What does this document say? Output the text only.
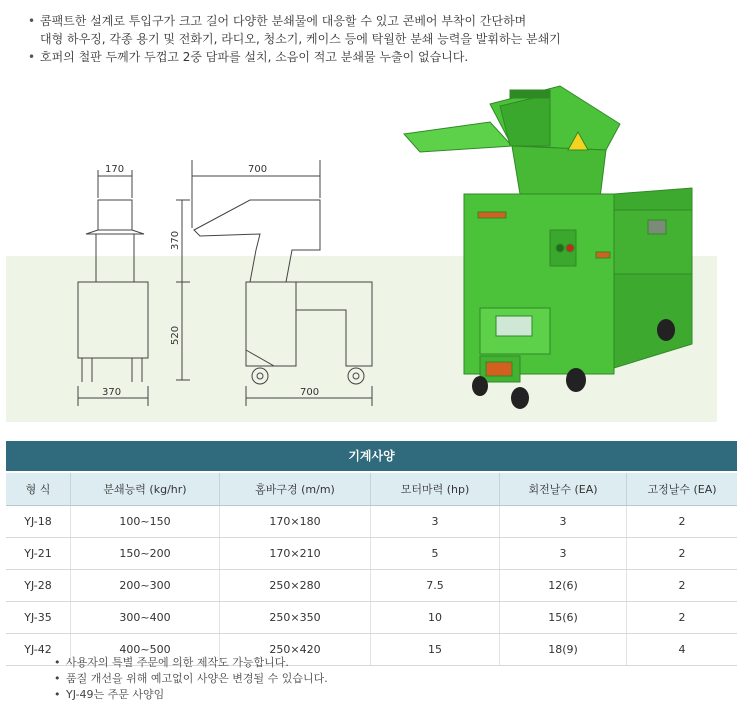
• 콤팩트한 설계로 투입구가 크고 길어 다양한 분쇄물에 대응할 수 있고 콘베어 부착이 간단하며
대형 하우징, 각종 용기 및 전화기, 라디오, 청소기, 케이스 등에 탁월한 분쇄 능력을 발휘하는 분쇄기
• 호퍼의 철판 두께가 두껍고 2중 담파를 설치, 소음이 적고 분쇄물 누출이 없습니다.
170	700
370
520
370	700
기계사양
형 식	분쇄능력 (kg/hr)	홈바구경 (m/m)	모터마력 (hp)	회전날수 (EA)	고정날수 (EA)
YJ-18	100~150	170×180	3	3	2
YJ-21	150~200	170×210	5	3	2
YJ-28	200~300	250×280	7.5	12(6)	2
YJ-35	300~400	250×350	10	15(6)	2
YJ-42	400~500	250×420	15	18(9)	4
• 사용자의 특별 주문에 의한 제작도 가능합니다.
• 품질 개선을 위해 예고없이 사양은 변경될 수 있습니다.
• YJ-49는 주문 사양임
